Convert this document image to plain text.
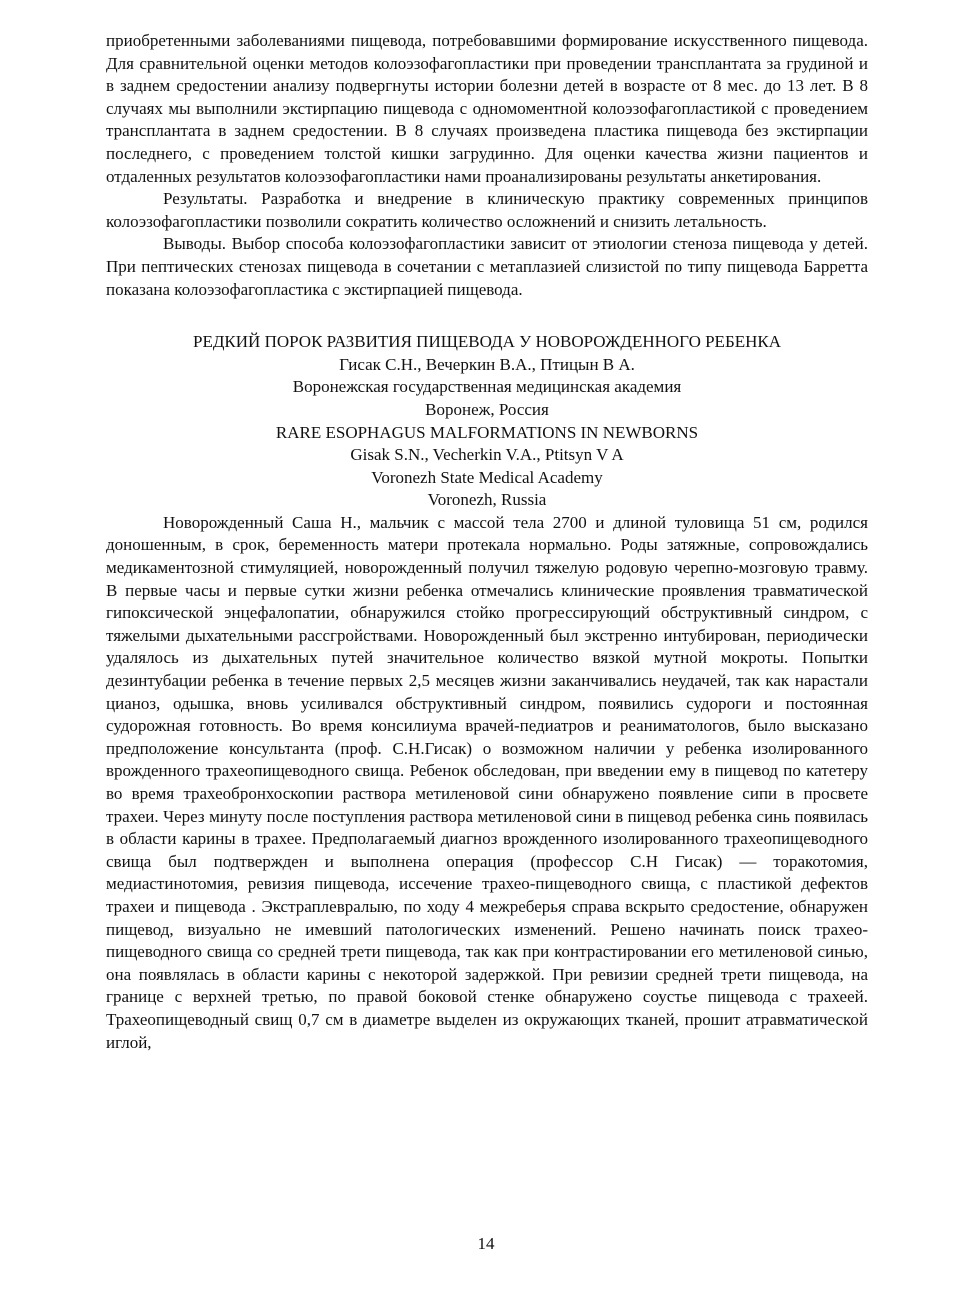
приобретенными заболеваниями пищевода, потребовавшими формирование искусственного пищевода. Для сравнительной оценки методов колоэзофагопластики при проведении трансплантата за грудиной и в заднем средостении анализу подвергнуты истории болезни детей в возрасте от 8 мес. до 13 лет. В 8 случаях мы выполнили экстирпацию пищевода с одномоментной колоэзофагопластикой с проведением трансплантата в заднем средостении. В 8 случаях произведена пластика пищевода без экстирпации последнего, с проведением толстой кишки загрудинно. Для оценки качества жизни пациентов и отдаленных результатов колоэзофагопластики нами проанализированы результаты анкетирования.

Результаты. Разработка и внедрение в клиническую практику современных принципов колоэзофагопластики позволили сократить количество осложнений и снизить летальность.

Выводы. Выбор способа колоэзофагопластики зависит от этиологии стеноза пищевода у детей. При пептических стенозах пищевода в сочетании с метаплазией слизистой по типу пищевода Барретта показана колоэзофагопластика с экстирпацией пищевода.

РЕДКИЙ ПОРОК РАЗВИТИЯ ПИЩЕВОДА У НОВОРОЖДЕННОГО РЕБЕНКА
Гисак С.Н., Вечеркин В.А., Птицын В А.
Воронежская государственная медицинская академия
Воронеж, Россия
RARE ESOPHAGUS MALFORMATIONS IN NEWBORNS
Gisak S.N., Vecherkin V.A., Ptitsyn V A
Voronezh State Medical Academy
Voronezh, Russia

Новорожденный Саша Н., мальчик с массой тела 2700 и длиной туловища 51 см, родился доношенным, в срок, беременность матери протекала нормально. Роды затяжные, сопровождались медикаментозной стимуляцией, новорожденный получил тяжелую родовую черепно-мозговую травму. В первые часы и первые сутки жизни ребенка отмечались клинические проявления травматической гипоксической энцефалопатии, обнаружился стойко прогрессирующий обструктивный синдром, с тяжелыми дыхательными рассгройствами. Новорожденный был экстренно интубирован, периодически удалялось из дыхательных путей значительное количество вязкой мутной мокроты. Попытки дезинтубации ребенка в течение первых 2,5 месяцев жизни заканчивались неудачей, так как нарастали цианоз, одышка, вновь усиливался обструктивный синдром, появились судороги и постоянная судорожная готовность. Во время консилиума врачей-педиатров и реаниматологов, было высказано предположение консультанта (проф. С.Н.Гисак) о возможном наличии у ребенка изолированного врожденного трахеопищеводного свища. Ребенок обследован, при введении ему в пищевод по катетеру во время трахеобронхоскопии раствора метиленовой сини обнаружено появление сипи в просвете трахеи. Через минуту после поступления раствора метиленовой сини в пищевод ребенка синь появилась в области карины в трахее. Предполагаемый диагноз врожденного изолированного трахеопищеводного свища был подтвержден и выполнена операция (профессор С.Н Гисак) — торакотомия, медиастинотомия, ревизия пищевода, иссечение трахео-пищеводного свища, с пластикой дефектов трахеи и пищевода . Экстраплевралыю, по ходу 4 межреберья справа вскрыто средостение, обнаружен пищевод, визуально не имевший патологических изменений. Решено начинать поиск трахео- пищеводного свища со средней трети пищевода, так как при контрастировании его метиленовой синью, она появлялась в области карины с некоторой задержкой. При ревизии средней трети пищевода, на границе с верхней третью, по правой боковой стенке обнаружено соустье пищевода с трахеей. Трахеопищеводный свищ 0,7 см в диаметре выделен из окружающих тканей, прошит атравматической иглой,

14
